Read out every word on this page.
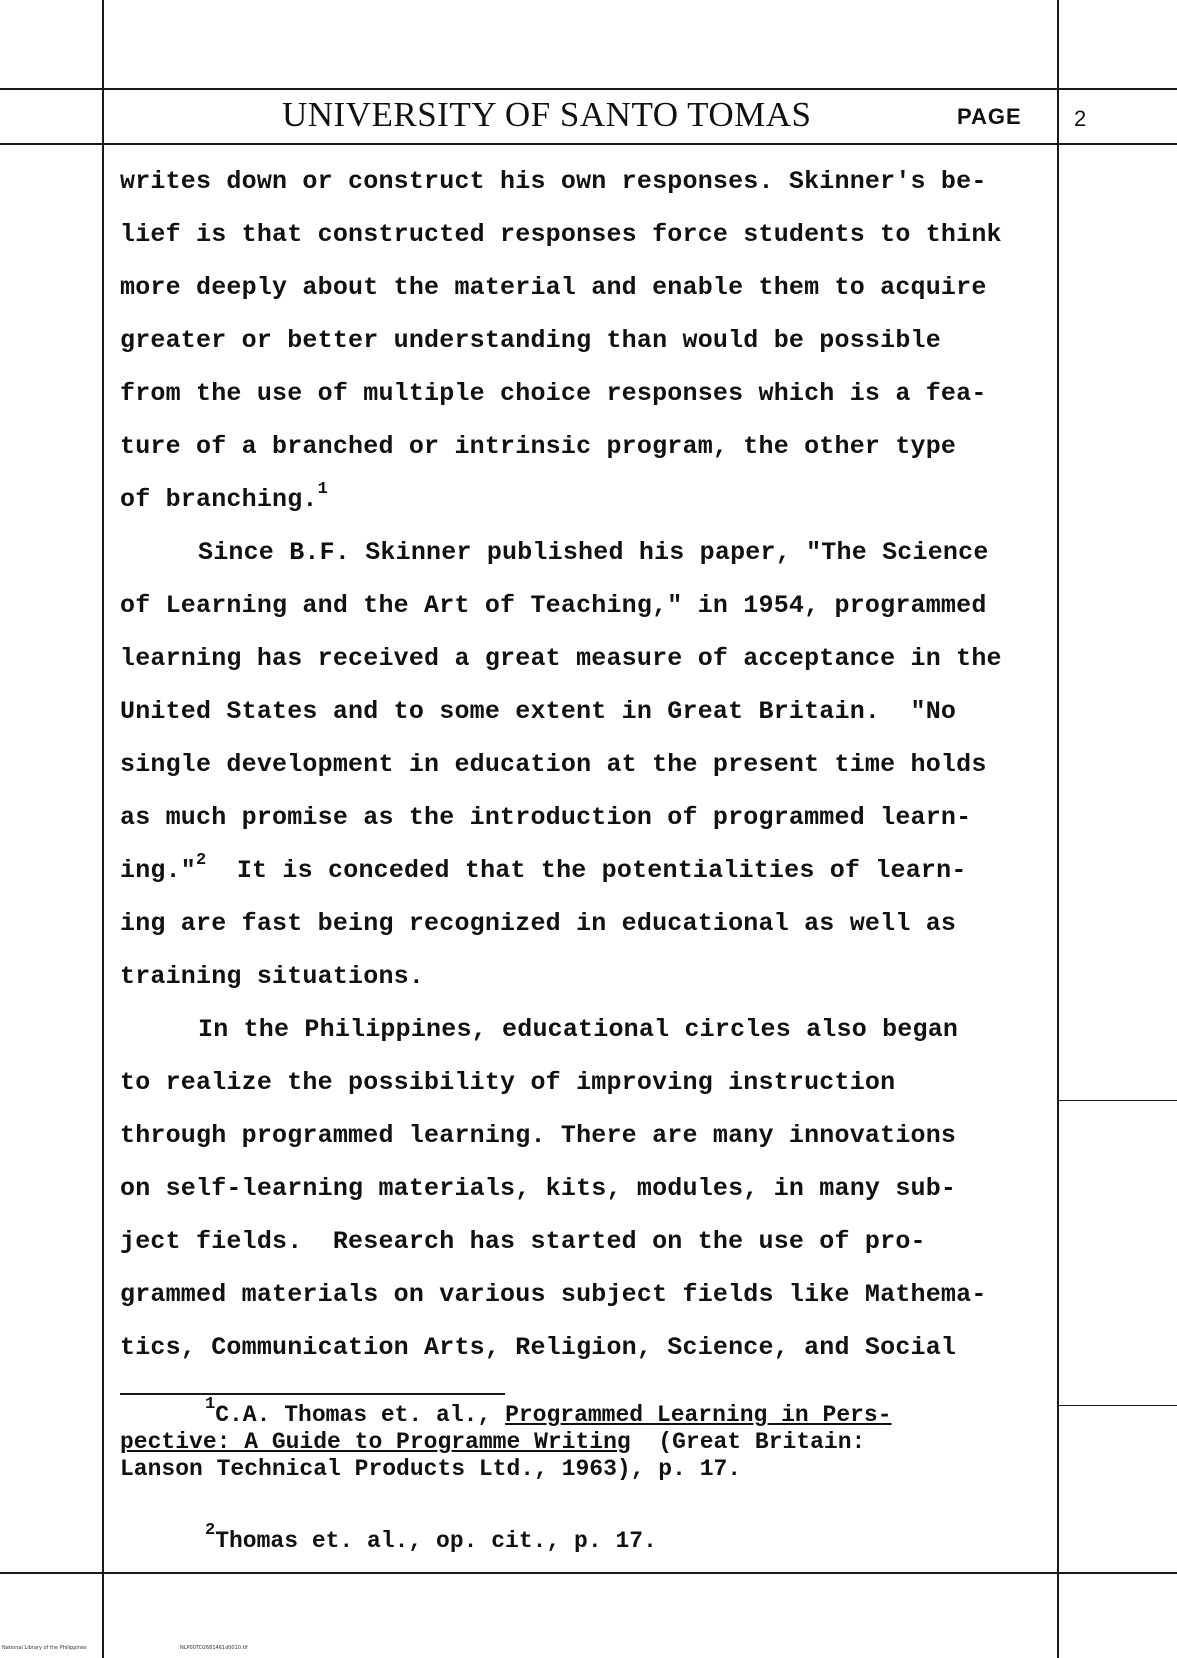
UNIVERSITY OF SANTO TOMAS	PAGE 2
writes down or construct his own responses. Skinner's be-
lief is that constructed responses force students to think
more deeply about the material and enable them to acquire
greater or better understanding than would be possible
from the use of multiple choice responses which is a fea-
ture of a branched or intrinsic program, the other type
of branching.$^1$
Since B.F. Skinner published his paper, "The Science
of Learning and the Art of Teaching," in 1954, programmed
learning has received a great measure of acceptance in the
United States and to some extent in Great Britain.  "No
single development in education at the present time holds
as much promise as the introduction of programmed learn-
ing."$^2$  It is conceded that the potentialities of learn-
ing are fast being recognized in educational as well as
training situations.
In the Philippines, educational circles also began
to realize the possibility of improving instruction
through programmed learning. There are many innovations
on self-learning materials, kits, modules, in many sub-
ject fields.  Research has started on the use of pro-
grammed materials on various subject fields like Mathema-
tics, Communication Arts, Religion, Science, and Social
$^1$C.A. Thomas et. al., Programmed Learning in Pers-
pective: A Guide to Programme Writing  (Great Britain:
Lanson Technical Products Ltd., 1963), p. 17.
$^2$Thomas et. al., op. cit., p. 17.
National Library of the Philippines	NLP00TD2681461d0010.tif
